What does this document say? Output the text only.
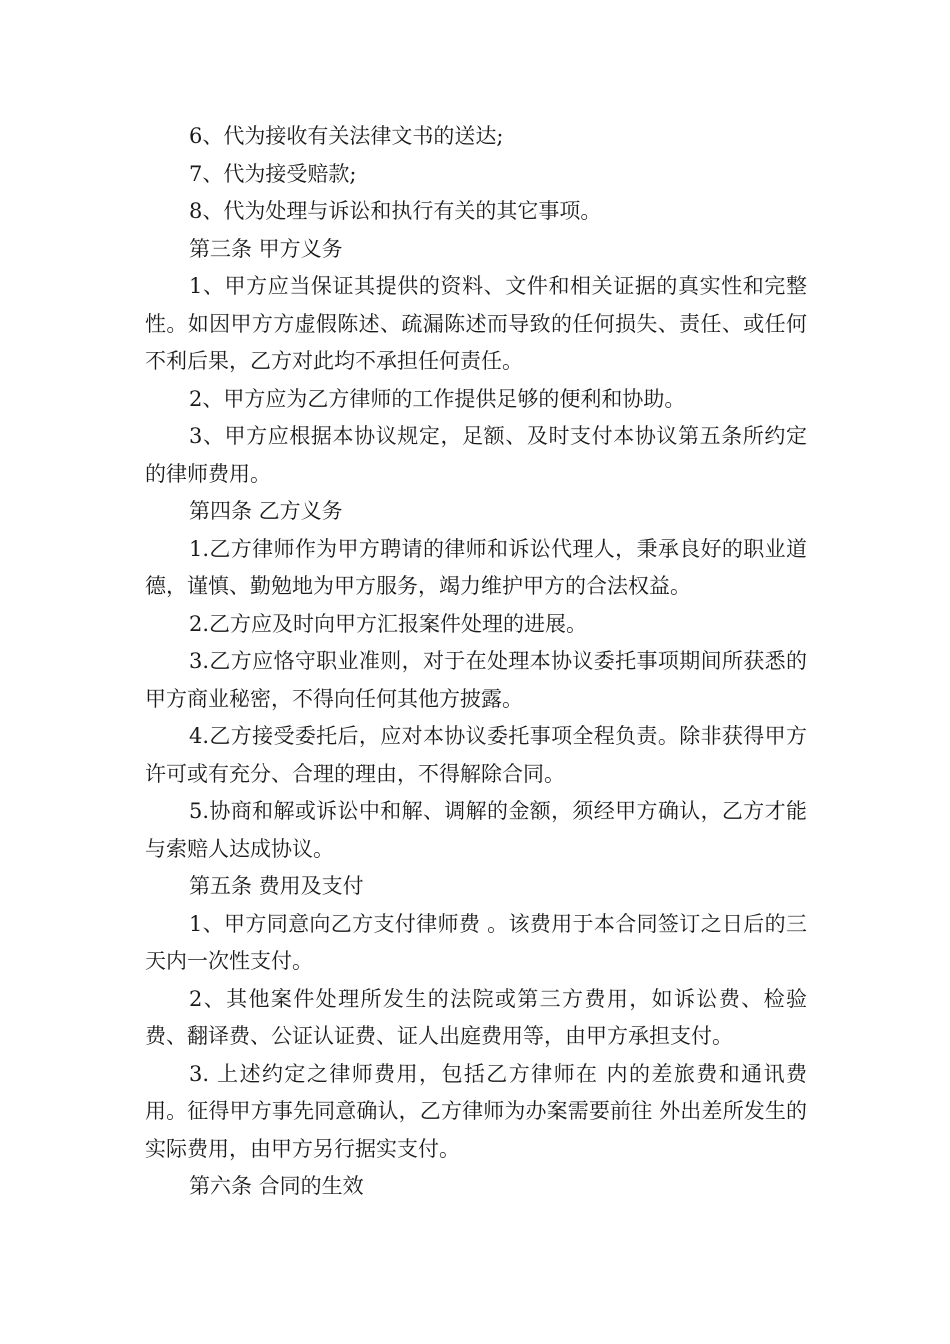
6、代为接收有关法律文书的送达;

7、代为接受赔款;

8、代为处理与诉讼和执行有关的其它事项。

第三条 甲方义务

1、甲方应当保证其提供的资料、文件和相关证据的真实性和完整性。如因甲方方虚假陈述、疏漏陈述而导致的任何损失、责任、或任何不利后果，乙方对此均不承担任何责任。

2、甲方应为乙方律师的工作提供足够的便利和协助。

3、甲方应根据本协议规定，足额、及时支付本协议第五条所约定的律师费用。

第四条 乙方义务

1.乙方律师作为甲方聘请的律师和诉讼代理人，秉承良好的职业道德，谨慎、勤勉地为甲方服务，竭力维护甲方的合法权益。

2.乙方应及时向甲方汇报案件处理的进展。

3.乙方应恪守职业准则，对于在处理本协议委托事项期间所获悉的甲方商业秘密，不得向任何其他方披露。

4.乙方接受委托后，应对本协议委托事项全程负责。除非获得甲方许可或有充分、合理的理由，不得解除合同。

5.协商和解或诉讼中和解、调解的金额，须经甲方确认，乙方才能与索赔人达成协议。

第五条 费用及支付

1、甲方同意向乙方支付律师费 。该费用于本合同签订之日后的三天内一次性支付。

2、其他案件处理所发生的法院或第三方费用，如诉讼费、检验费、翻译费、公证认证费、证人出庭费用等，由甲方承担支付。

3. 上述约定之律师费用，包括乙方律师在 内的差旅费和通讯费用。征得甲方事先同意确认，乙方律师为办案需要前往 外出差所发生的实际费用，由甲方另行据实支付。

第六条 合同的生效
